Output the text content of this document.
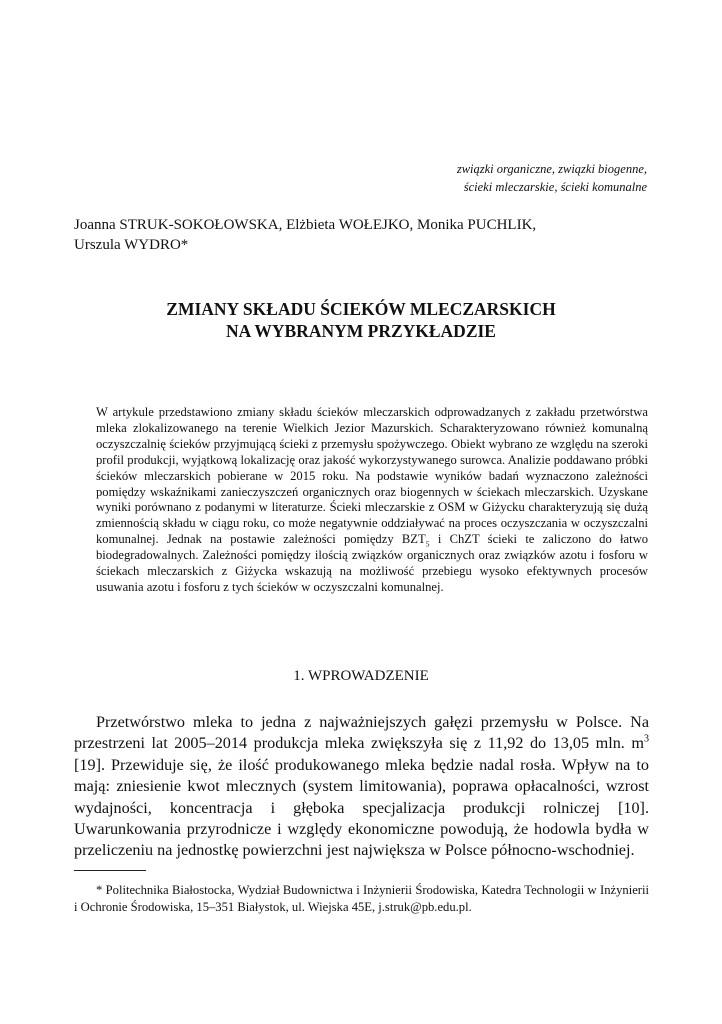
związki organiczne, związki biogenne,
ścieki mleczarskie, ścieki komunalne
Joanna STRUK-SOKOŁOWSKA, Elżbieta WOŁEJKO, Monika PUCHLIK,
Urszula WYDRO*
ZMIANY SKŁADU ŚCIEKÓW MLECZARSKICH
NA WYBRANYM PRZYKŁADZIE
W artykule przedstawiono zmiany składu ścieków mleczarskich odprowadzanych z zakładu przetwórstwa mleka zlokalizowanego na terenie Wielkich Jezior Mazurskich. Scharakteryzowano również komunalną oczyszczalnię ścieków przyjmującą ścieki z przemysłu spożywczego. Obiekt wybrano ze względu na szeroki profil produkcji, wyjątkową lokalizację oraz jakość wykorzystywanego surowca. Analizie poddawano próbki ścieków mleczarskich pobierane w 2015 roku. Na podstawie wyników badań wyznaczono zależności pomiędzy wskaźnikami zanieczyszczeń organicznych oraz biogennych w ściekach mleczarskich. Uzyskane wyniki porównano z podanymi w literaturze. Ścieki mleczarskie z OSM w Giżycku charakteryzują się dużą zmiennością składu w ciągu roku, co może negatywnie oddziaływać na proces oczyszczania w oczyszczalni komunalnej. Jednak na postawie zależności pomiędzy $BZT_5$ i ChZT ścieki te zaliczono do łatwo biodegradowalnych. Zależności pomiędzy ilością związków organicznych oraz związków azotu i fosforu w ściekach mleczarskich z Giżycka wskazują na możliwość przebiegu wysoko efektywnych procesów usuwania azotu i fosforu z tych ścieków w oczyszczalni komunalnej.
1. WPROWADZENIE
Przetwórstwo mleka to jedna z najważniejszych gałęzi przemysłu w Polsce. Na przestrzeni lat 2005–2014 produkcja mleka zwiększyła się z 11,92 do 13,05 mln. $m^3$ [19]. Przewiduje się, że ilość produkowanego mleka będzie nadal rosła. Wpływ na to mają: zniesienie kwot mlecznych (system limitowania), poprawa opłacalności, wzrost wydajności, koncentracja i głęboka specjalizacja produkcji rolniczej [10]. Uwarunkowania przyrodnicze i względy ekonomiczne powodują, że hodowla bydła w przeliczeniu na jednostkę powierzchni jest największa w Polsce północno-wschodniej.
* Politechnika Białostocka, Wydział Budownictwa i Inżynierii Środowiska, Katedra Technologii w Inżynierii i Ochronie Środowiska, 15–351 Białystok, ul. Wiejska 45E, j.struk@pb.edu.pl.
